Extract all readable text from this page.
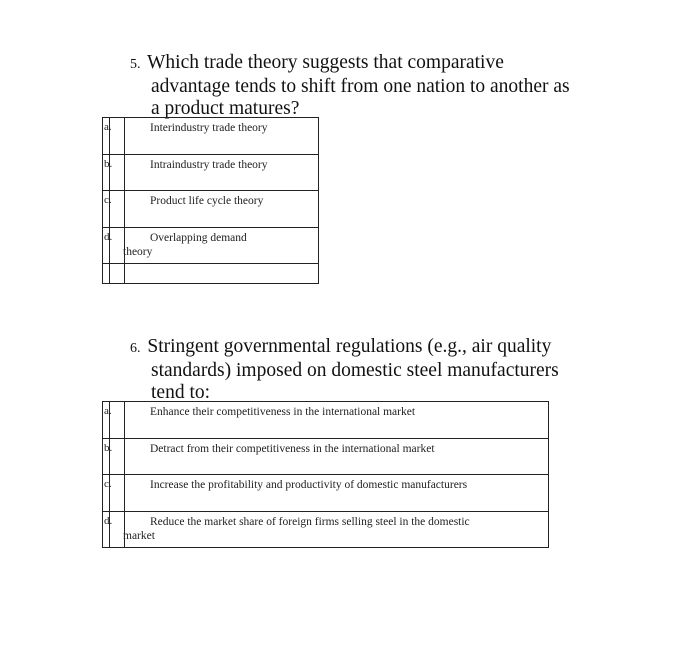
5. Which trade theory suggests that comparative
advantage tends to shift from one nation to another as
a product matures?
a.	Interindustry trade theory
b.	Intraindustry trade theory
c.	Product life cycle theory
d.	Overlapping demand
theory
6. Stringent governmental regulations (e.g., air quality
standards) imposed on domestic steel manufacturers
tend to:
a.	Enhance their competitiveness in the international market
b.	Detract from their competitiveness in the international market
c.	Increase the profitability and productivity of domestic manufacturers
d.	Reduce the market share of foreign firms selling steel in the domestic
market
